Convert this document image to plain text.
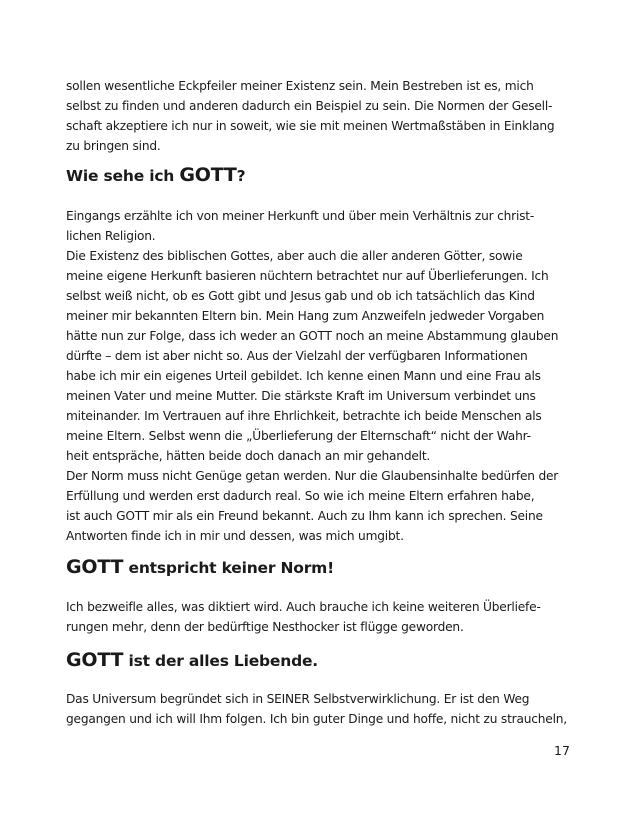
sollen wesentliche Eckpfeiler meiner Existenz sein. Mein Bestreben ist es, mich
selbst zu finden und anderen dadurch ein Beispiel zu sein. Die Normen der Gesell-
schaft akzeptiere ich nur in soweit, wie sie mit meinen Wertmaßstäben in Einklang
zu bringen sind.
Wie sehe ich GOTT?
Eingangs erzählte ich von meiner Herkunft und über mein Verhältnis zur christ-
lichen Religion.
Die Existenz des biblischen Gottes, aber auch die aller anderen Götter, sowie
meine eigene Herkunft basieren nüchtern betrachtet nur auf Überlieferungen. Ich
selbst weiß nicht, ob es Gott gibt und Jesus gab und ob ich tatsächlich das Kind
meiner mir bekannten Eltern bin. Mein Hang zum Anzweifeln jedweder Vorgaben
hätte nun zur Folge, dass ich weder an GOTT noch an meine Abstammung glauben
dürfte – dem ist aber nicht so. Aus der Vielzahl der verfügbaren Informationen
habe ich mir ein eigenes Urteil gebildet. Ich kenne einen Mann und eine Frau als
meinen Vater und meine Mutter. Die stärkste Kraft im Universum verbindet uns
miteinander. Im Vertrauen auf ihre Ehrlichkeit, betrachte ich beide Menschen als
meine Eltern. Selbst wenn die „Überlieferung der Elternschaft“ nicht der Wahr-
heit entspräche, hätten beide doch danach an mir gehandelt.
Der Norm muss nicht Genüge getan werden. Nur die Glaubensinhalte bedürfen der
Erfüllung und werden erst dadurch real. So wie ich meine Eltern erfahren habe,
ist auch GOTT mir als ein Freund bekannt. Auch zu Ihm kann ich sprechen. Seine
Antworten finde ich in mir und dessen, was mich umgibt.
GOTT entspricht keiner Norm!
Ich bezweifle alles, was diktiert wird. Auch brauche ich keine weiteren Überliefe-
rungen mehr, denn der bedürftige Nesthocker ist flügge geworden.
GOTT ist der alles Liebende.
Das Universum begründet sich in SEINER Selbstverwirklichung. Er ist den Weg
gegangen und ich will Ihm folgen. Ich bin guter Dinge und hoffe, nicht zu straucheln,
17
